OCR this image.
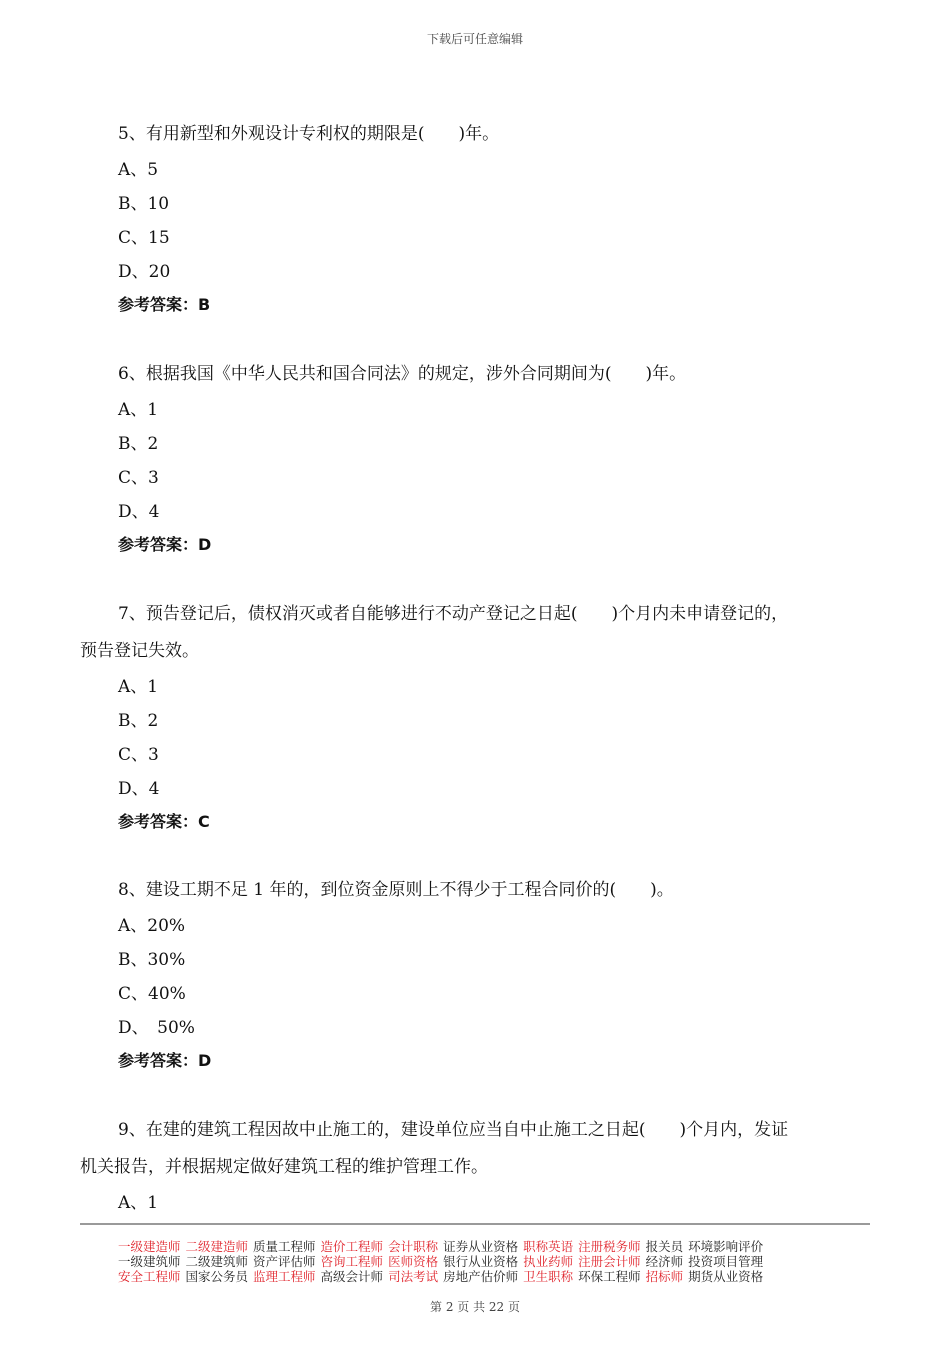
下载后可任意编辑
5、有用新型和外观设计专利权的期限是(　　)年。
A、5
B、10
C、15
D、20
参考答案：B
6、根据我国《中华人民共和国合同法》的规定，涉外合同期间为(　　)年。
A、1
B、2
C、3
D、4
参考答案：D
7、预告登记后，债权消灭或者自能够进行不动产登记之日起(　　)个月内未申请登记的，
预告登记失效。
A、1
B、2
C、3
D、4
参考答案：C
8、建设工期不足 1 年的，到位资金原则上不得少于工程合同价的(　　)。
A、20%
B、30%
C、40%
D、　50%
参考答案：D
9、在建的建筑工程因故中止施工的，建设单位应当自中止施工之日起(　　)个月内，发证
机关报告，并根据规定做好建筑工程的维护管理工作。
A、1
一级建造师 二级建造师 质量工程师 造价工程师 会计职称 证券从业资格 职称英语 注册税务师 报关员 环境影响评价
一级建筑师 二级建筑师 资产评估师 咨询工程师 医师资格 银行从业资格 执业药师 注册会计师 经济师 投资项目管理
安全工程师 国家公务员 监理工程师 高级会计师 司法考试 房地产估价师 卫生职称 环保工程师 招标师 期货从业资格
第 2 页 共 22 页
